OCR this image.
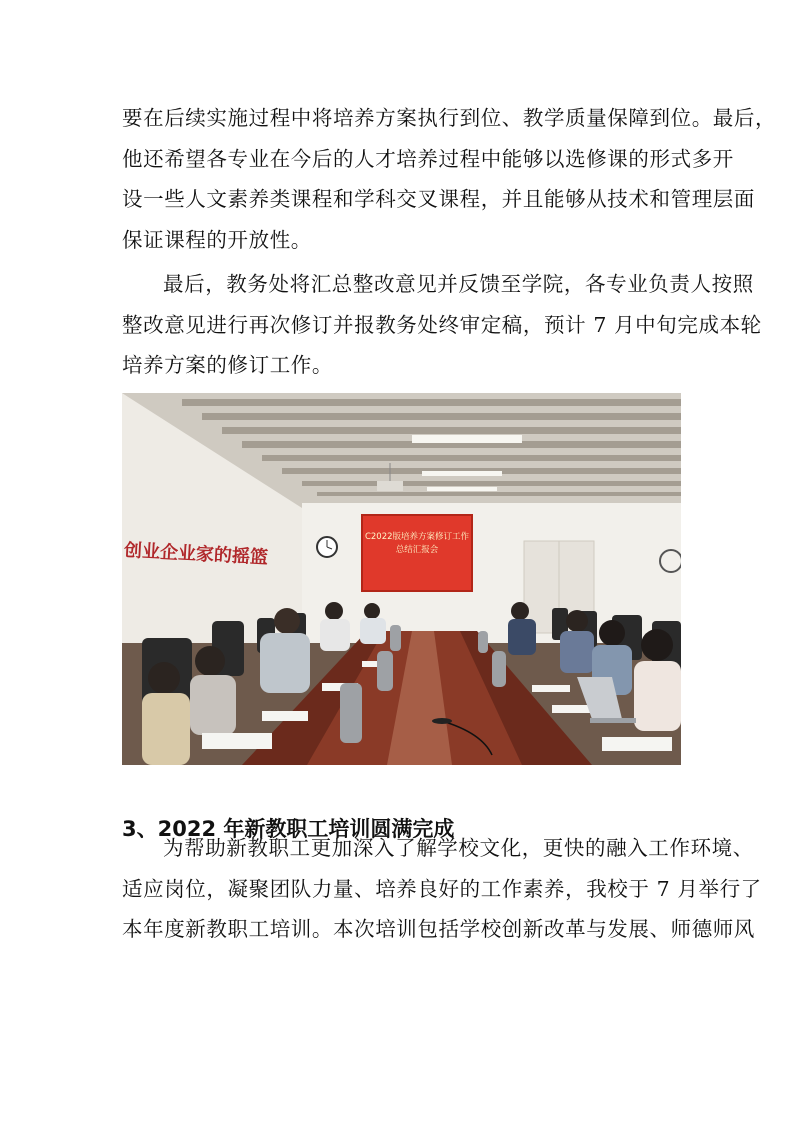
要在后续实施过程中将培养方案执行到位、教学质量保障到位。最后，
他还希望各专业在今后的人才培养过程中能够以选修课的形式多开
设一些人文素养类课程和学科交叉课程，并且能够从技术和管理层面
保证课程的开放性。
最后，教务处将汇总整改意见并反馈至学院，各专业负责人按照
整改意见进行再次修订并报教务处终审定稿，预计 7 月中旬完成本轮
培养方案的修订工作。
C2022版培养方案修订工作
总结汇报会
创业企业家的摇篮
3、2022 年新教职工培训圆满完成
为帮助新教职工更加深入了解学校文化，更快的融入工作环境、
适应岗位，凝聚团队力量、培养良好的工作素养，我校于 7 月举行了
本年度新教职工培训。本次培训包括学校创新改革与发展、师德师风
